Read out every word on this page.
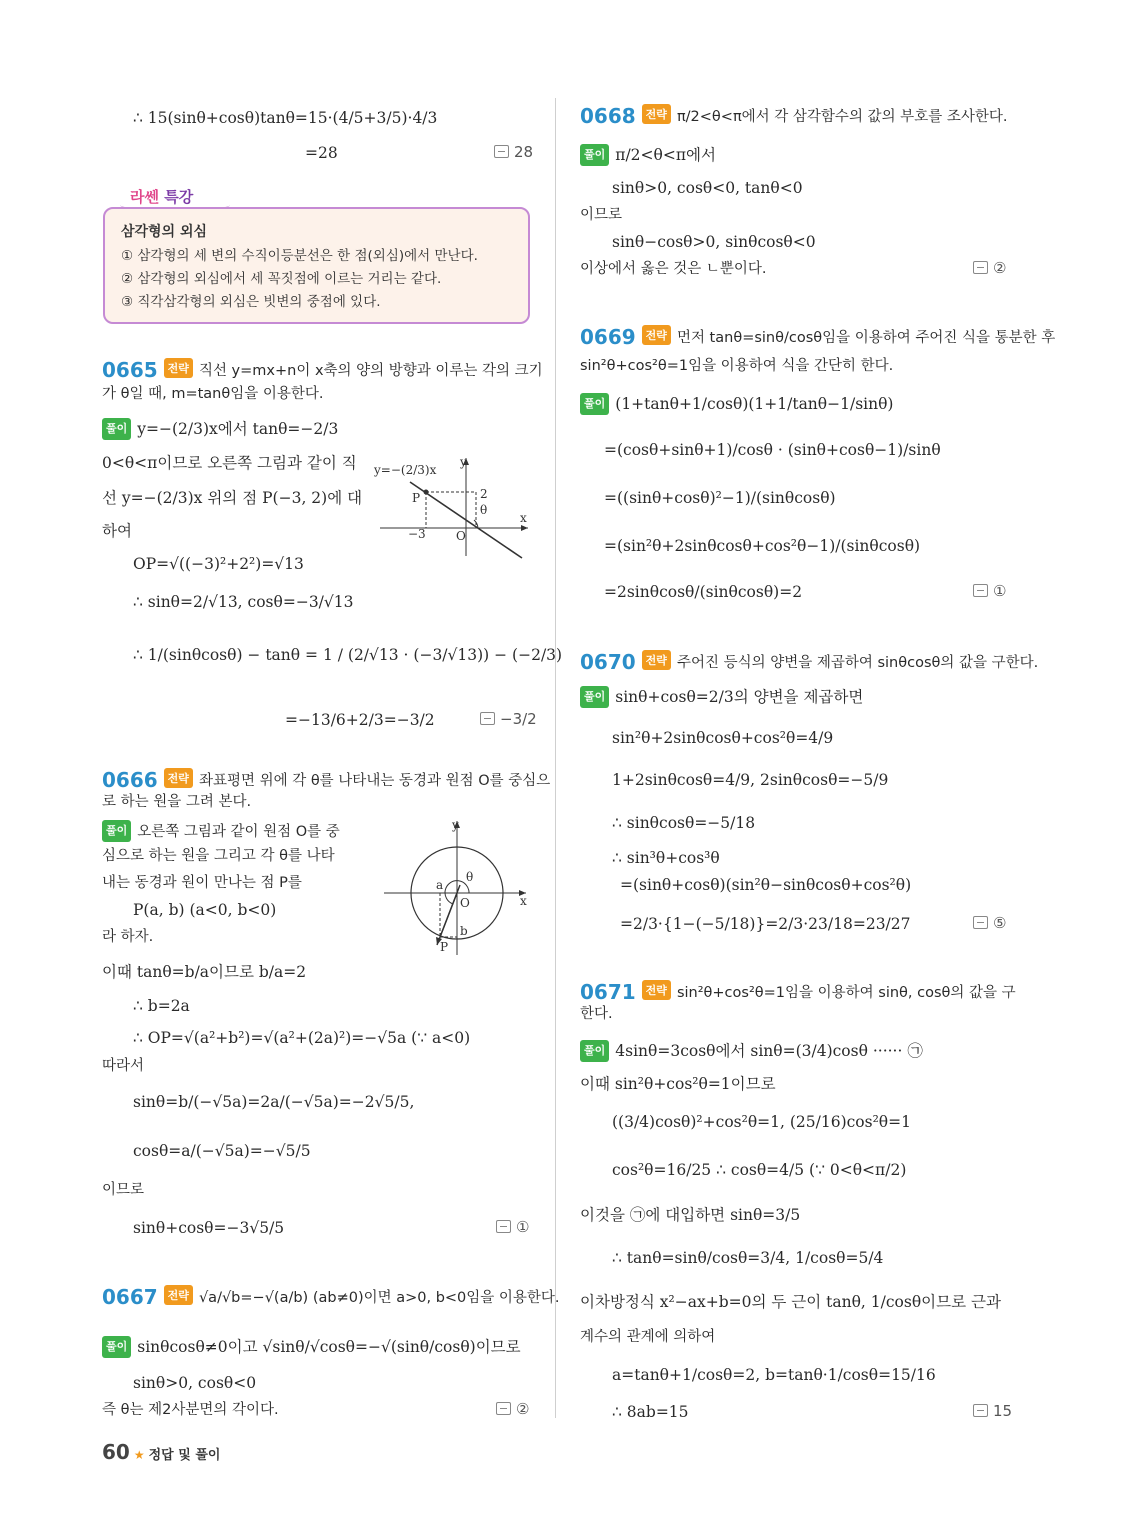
∴ 15(sinθ+cosθ)tanθ=15·(4/5+3/5)·4/3
=28	28
라쎈 특강
삼각형의 외심
① 삼각형의 세 변의 수직이등분선은 한 점(외심)에서 만난다.
② 삼각형의 외심에서 세 꼭짓점에 이르는 거리는 같다.
③ 직각삼각형의 외심은 빗변의 중점에 있다.
0665 전략 직선 y=mx+n이 x축의 양의 방향과 이루는 각의 크기
가 θ일 때, m=tanθ임을 이용한다.
풀이 y=−(2/3)x에서 tanθ=−2/3
0<θ<π이므로 오른쪽 그림과 같이 직
선 y=−(2/3)x 위의 점 P(−3, 2)에 대
하여
OP=√((−3)²+2²)=√13
∴ sinθ=2/√13, cosθ=−3/√13
∴ 1/(sinθcosθ) − tanθ = 1 / (2/√13 · (−3/√13)) − (−2/3)
=−13/6+2/3=−3/2	−3/2
y=−(2/3)x
y
x
P	2
θ
−3	O
0666 전략 좌표평면 위에 각 θ를 나타내는 동경과 원점 O를 중심으
로 하는 원을 그려 본다.
풀이 오른쪽 그림과 같이 원점 O를 중
심으로 하는 원을 그리고 각 θ를 나타
내는 동경과 원이 만나는 점 P를
P(a, b) (a<0, b<0)
라 하자.
이때 tanθ=b/a이므로 b/a=2
∴ b=2a
∴ OP=√(a²+b²)=√(a²+(2a)²)=−√5a (∵ a<0)
따라서
sinθ=b/(−√5a)=2a/(−√5a)=−2√5/5,
cosθ=a/(−√5a)=−√5/5
이므로
sinθ+cosθ=−3√5/5	①
y
x
O
a
b
θ
P
0667 전략 √a/√b=−√(a/b) (ab≠0)이면 a>0, b<0임을 이용한다.
풀이 sinθcosθ≠0이고 √sinθ/√cosθ=−√(sinθ/cosθ)이므로
sinθ>0, cosθ<0
즉 θ는 제2사분면의 각이다.	②
0668 전략 π/2<θ<π에서 각 삼각함수의 값의 부호를 조사한다.
풀이 π/2<θ<π에서
sinθ>0, cosθ<0, tanθ<0
이므로
sinθ−cosθ>0, sinθcosθ<0
이상에서 옳은 것은 ㄴ뿐이다.	②
0669 전략 먼저 tanθ=sinθ/cosθ임을 이용하여 주어진 식을 통분한 후
sin²θ+cos²θ=1임을 이용하여 식을 간단히 한다.
풀이 (1+tanθ+1/cosθ)(1+1/tanθ−1/sinθ)
=(cosθ+sinθ+1)/cosθ · (sinθ+cosθ−1)/sinθ
=((sinθ+cosθ)²−1)/(sinθcosθ)
=(sin²θ+2sinθcosθ+cos²θ−1)/(sinθcosθ)
=2sinθcosθ/(sinθcosθ)=2	①
0670 전략 주어진 등식의 양변을 제곱하여 sinθcosθ의 값을 구한다.
풀이 sinθ+cosθ=2/3의 양변을 제곱하면
sin²θ+2sinθcosθ+cos²θ=4/9
1+2sinθcosθ=4/9, 2sinθcosθ=−5/9
∴ sinθcosθ=−5/18
∴ sin³θ+cos³θ
=(sinθ+cosθ)(sin²θ−sinθcosθ+cos²θ)
=2/3·{1−(−5/18)}=2/3·23/18=23/27	⑤
0671 전략 sin²θ+cos²θ=1임을 이용하여 sinθ, cosθ의 값을 구
한다.
풀이 4sinθ=3cosθ에서 sinθ=(3/4)cosθ ······ ㉠
이때 sin²θ+cos²θ=1이므로
((3/4)cosθ)²+cos²θ=1, (25/16)cos²θ=1
cos²θ=16/25 ∴ cosθ=4/5 (∵ 0<θ<π/2)
이것을 ㉠에 대입하면 sinθ=3/5
∴ tanθ=sinθ/cosθ=3/4, 1/cosθ=5/4
이차방정식 x²−ax+b=0의 두 근이 tanθ, 1/cosθ이므로 근과
계수의 관계에 의하여
a=tanθ+1/cosθ=2, b=tanθ·1/cosθ=15/16
∴ 8ab=15	15
60 ★ 정답 및 풀이
